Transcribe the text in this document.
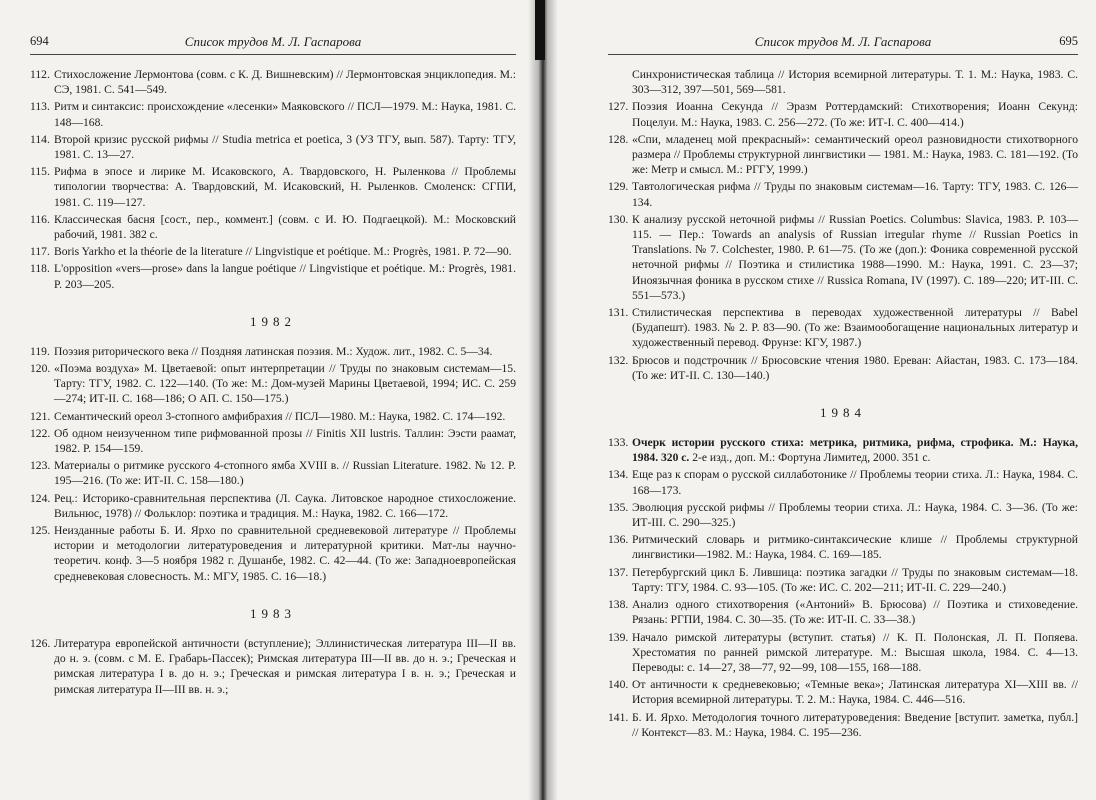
694	Список трудов М. Л. Гаспарова

112. Стихосложение Лермонтова (совм. с К. Д. Вишневским) // Лермонтовская энциклопедия. М.: СЭ, 1981. С. 541—549.

113. Ритм и синтаксис: происхождение «лесенки» Маяковского // ПСЛ—1979. М.: Наука, 1981. С. 148—168.

114. Второй кризис русской рифмы // Studia metrica et poetica, 3 (УЗ ТГУ, вып. 587). Тарту: ТГУ, 1981. С. 13—27.

115. Рифма в эпосе и лирике М. Исаковского, А. Твардовского, Н. Рыленкова // Проблемы типологии творчества: А. Твардовский, М. Исаковский, Н. Рыленков. Смоленск: СГПИ, 1981. С. 119—127.

116. Классическая басня [сост., пер., коммент.] (совм. с И. Ю. Подгаецкой). М.: Московский рабочий, 1981. 382 с.

117. Boris Yarkho et la théorie de la literature // Lingvistique et poétique. M.: Progrès, 1981. P. 72—90.

118. L'opposition «vers—prose» dans la langue poétique // Lingvistique et poétique. M.: Progrès, 1981. P. 203—205.

1982

119. Поэзия риторического века // Поздняя латинская поэзия. М.: Худож. лит., 1982. С. 5—34.

120. «Поэма воздуха» М. Цветаевой: опыт интерпретации // Труды по знаковым системам—15. Тарту: ТГУ, 1982. С. 122—140. (То же: М.: Дом-музей Марины Цветаевой, 1994; ИС. С. 259—274; ИТ-II. С. 168—186; О АП. С. 150—175.)

121. Семантический ореол 3-стопного амфибрахия // ПСЛ—1980. М.: Наука, 1982. С. 174—192.

122. Об одном неизученном типе рифмованной прозы // Finitis XII lustris. Таллин: Ээсти раамат, 1982. P. 154—159.

123. Материалы о ритмике русского 4-стопного ямба XVIII в. // Russian Literature. 1982. № 12. P. 195—216. (То же: ИТ-II. С. 158—180.)

124. Рец.: Историко-сравнительная перспектива (Л. Саука. Литовское народное стихосложение. Вильнюс, 1978) // Фольклор: поэтика и традиция. М.: Наука, 1982. С. 166—172.

125. Неизданные работы Б. И. Ярхо по сравнительной средневековой литературе // Проблемы истории и методологии литературоведения и литературной критики. Мат-лы научно-теоретич. конф. 3—5 ноября 1982 г. Душанбе, 1982. С. 42—44. (То же: Западноевропейская средневековая словесность. М.: МГУ, 1985. С. 16—18.)

1983

126. Литература европейской античности (вступление); Эллинистическая литература III—II вв. до н. э. (совм. с М. Е. Грабарь-Пассек); Римская литература III—II вв. до н. э.; Греческая и римская литература I в. до н. э.; Греческая и римская литература I в. н. э.; Греческая и римская литература II—III вв. н. э.;

Список трудов М. Л. Гаспарова	695

Синхронистическая таблица // История всемирной литературы. Т. 1. М.: Наука, 1983. С. 303—312, 397—501, 569—581.

127. Поэзия Иоанна Секунда // Эразм Роттердамский: Стихотворения; Иоанн Секунд: Поцелуи. М.: Наука, 1983. С. 256—272. (То же: ИТ-I. С. 400—414.)

128. «Спи, младенец мой прекрасный»: семантический ореол разновидности стихотворного размера // Проблемы структурной лингвистики — 1981. М.: Наука, 1983. С. 181—192. (То же: Метр и смысл. М.: РГГУ, 1999.)

129. Тавтологическая рифма // Труды по знаковым системам—16. Тарту: ТГУ, 1983. С. 126—134.

130. К анализу русской неточной рифмы // Russian Poetics. Columbus: Slavica, 1983. P. 103—115. — Пер.: Towards an analysis of Russian irregular rhyme // Russian Poetics in Translations. № 7. Colchester, 1980. P. 61—75. (То же (доп.): Фоника современной русской неточной рифмы // Поэтика и стилистика 1988—1990. М.: Наука, 1991. С. 23—37; Иноязычная фоника в русском стихе // Russica Romana, IV (1997). С. 189—220; ИТ-III. С. 551—573.)

131. Стилистическая перспектива в переводах художественной литературы // Babel (Будапешт). 1983. № 2. P. 83—90. (То же: Взаимообогащение национальных литератур и художественный перевод. Фрунзе: КГУ, 1987.)

132. Брюсов и подстрочник // Брюсовские чтения 1980. Ереван: Айастан, 1983. С. 173—184. (То же: ИТ-II. С. 130—140.)

1984

133. Очерк истории русского стиха: метрика, ритмика, рифма, строфика. М.: Наука, 1984. 320 с. 2-е изд., доп. М.: Фортуна Лимитед, 2000. 351 с.

134. Еще раз к спорам о русской силлаботонике // Проблемы теории стиха. Л.: Наука, 1984. С. 168—173.

135. Эволюция русской рифмы // Проблемы теории стиха. Л.: Наука, 1984. С. 3—36. (То же: ИТ-III. С. 290—325.)

136. Ритмический словарь и ритмико-синтаксические клише // Проблемы структурной лингвистики—1982. М.: Наука, 1984. С. 169—185.

137. Петербургский цикл Б. Лившица: поэтика загадки // Труды по знаковым системам—18. Тарту: ТГУ, 1984. С. 93—105. (То же: ИС. С. 202—211; ИТ-II. С. 229—240.)

138. Анализ одного стихотворения («Антоний» В. Брюсова) // Поэтика и стиховедение. Рязань: РГПИ, 1984. С. 30—35. (То же: ИТ-II. С. 33—38.)

139. Начало римской литературы (вступит. статья) // К. П. Полонская, Л. П. Попяева. Хрестоматия по ранней римской литературе. М.: Высшая школа, 1984. С. 4—13. Переводы: с. 14—27, 38—77, 92—99, 108—155, 168—188.

140. От античности к средневековью; «Темные века»; Латинская литература XI—XIII вв. // История всемирной литературы. Т. 2. М.: Наука, 1984. С. 446—516.

141. Б. И. Ярхо. Методология точного литературоведения: Введение [вступит. заметка, публ.] // Контекст—83. М.: Наука, 1984. С. 195—236.
